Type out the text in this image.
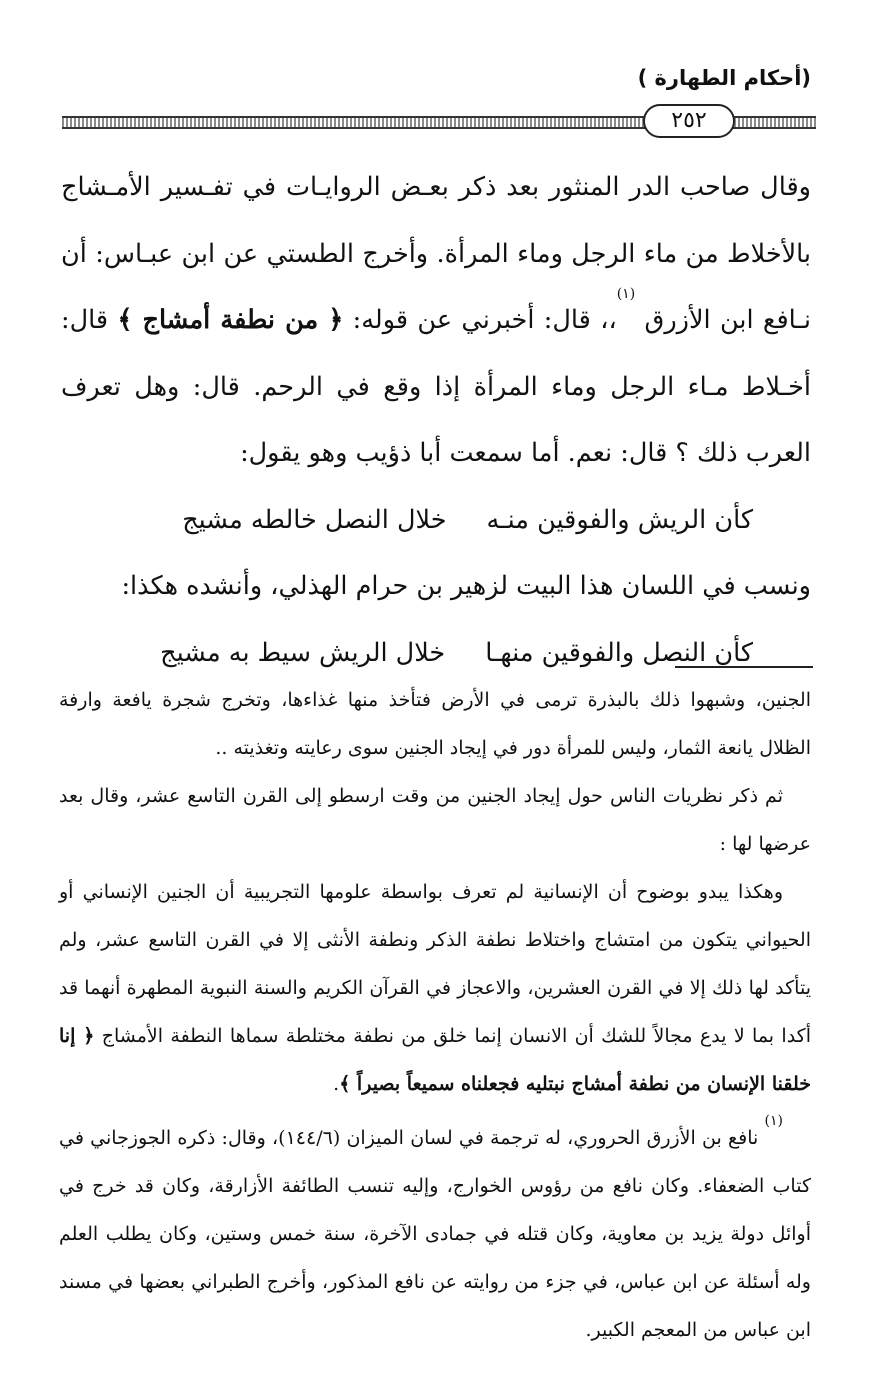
(أحكام الطهارة )
٢٥٢

وقال صاحب الدر المنثور بعد ذكر بعـض الروايـات في تفـسير الأمـشاج بالأخلاط من ماء الرجل وماء المرأة. وأخرج الطستي عن ابن عبـاس: أن نـافع ابن الأزرق $^{(١)}$،، قال: أخبرني عن قوله: ﴿ من نطفة أمشاج ﴾ قال: أخـلاط مـاء الرجل وماء المرأة إذا وقع في الرحم. قال: وهل تعرف العرب ذلك ؟ قال: نعم. أما سمعت أبا ذؤيب وهو يقول:

كأن الريش والفوقين منـه
خلال النصل خالطه مشيج

ونسب في اللسان هذا البيت لزهير بن حرام الهذلي، وأنشده هكذا:

كأن النصل والفوقين منهـا
خلال الريش سيط به مشيج

الجنين، وشبهوا ذلك بالبذرة ترمى في الأرض فتأخذ منها غذاءها، وتخرج شجرة يافعة وارفة الظلال يانعة الثمار، وليس للمرأة دور في إيجاد الجنين سوى رعايته وتغذيته ..

ثم ذكر نظريات الناس حول إيجاد الجنين من وقت ارسطو إلى القرن التاسع عشر، وقال بعد عرضها لها :

وهكذا يبدو بوضوح أن الإنسانية لم تعرف بواسطة علومها التجريبية أن الجنين الإنساني أو الحيواني يتكون من امتشاج واختلاط نطفة الذكر ونطفة الأنثى إلا في القرن التاسع عشر، ولم يتأكد لها ذلك إلا في القرن العشرين، والاعجاز في القرآن الكريم والسنة النبوية المطهرة أنهما قد أكدا بما لا يدع مجالاً للشك أن الانسان إنما خلق من نطفة مختلطة سماها النطفة الأمشاج ﴿ إنا خلقنا الإنسان من نطفة أمشاج نبتليه فجعلناه سميعاً بصيراً ﴾.

$^{(١)}$ نافع بن الأزرق الحروري، له ترجمة في لسان الميزان (١٤٤/٦)، وقال: ذكره الجوزجاني في كتاب الضعفاء. وكان نافع من رؤوس الخوارج، وإليه تنسب الطائفة الأزارقة، وكان قد خرج في أوائل دولة يزيد بن معاوية، وكان قتله في جمادى الآخرة، سنة خمس وستين، وكان يطلب العلم وله أسئلة عن ابن عباس، في جزء من روايته عن نافع المذكور، وأخرج الطبراني بعضها في مسند ابن عباس من المعجم الكبير.
